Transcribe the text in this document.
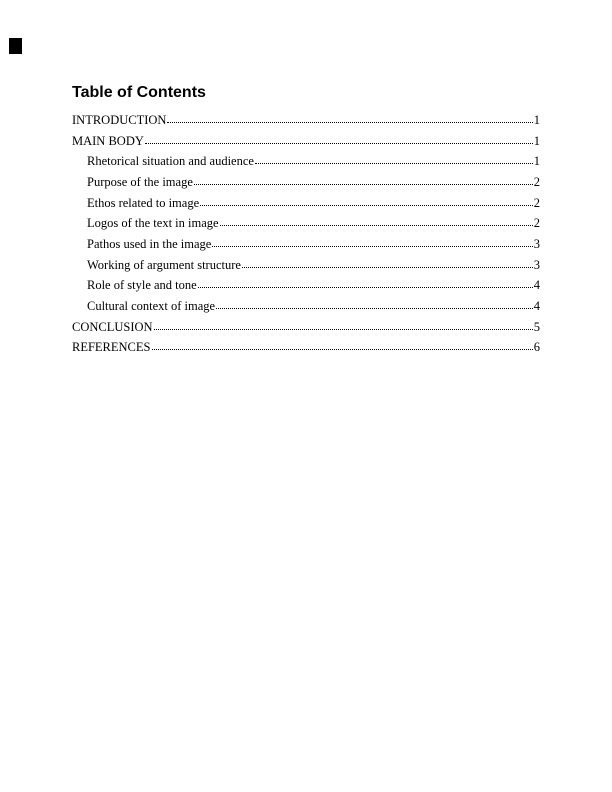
Table of Contents
INTRODUCTION	1
MAIN BODY	1
Rhetorical situation and audience	1
Purpose of the image	2
Ethos related to image	2
Logos of the text in image	2
Pathos used in the image	3
Working of argument structure	3
Role of style and tone	4
Cultural context of image	4
CONCLUSION	5
REFERENCES	6
